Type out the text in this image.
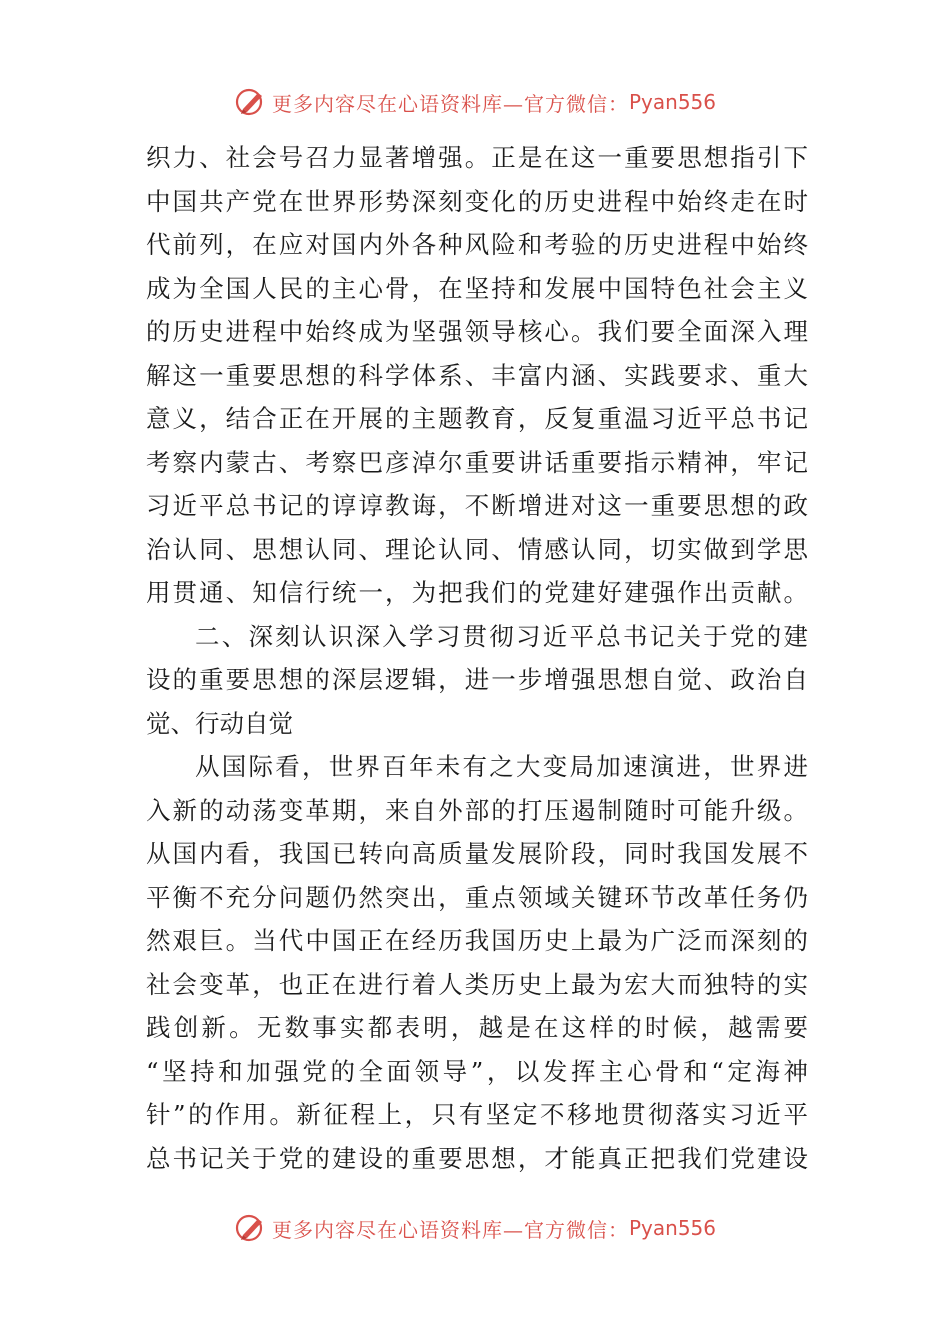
更多内容尽在心语资料库—官方微信： Pyan556
织力、社会号召力显著增强。正是在这一重要思想指引下
中国共产党在世界形势深刻变化的历史进程中始终走在时
代前列，在应对国内外各种风险和考验的历史进程中始终
成为全国人民的主心骨，在坚持和发展中国特色社会主义
的历史进程中始终成为坚强领导核心。我们要全面深入理
解这一重要思想的科学体系、丰富内涵、实践要求、重大
意义，结合正在开展的主题教育，反复重温习近平总书记
考察内蒙古、考察巴彦淖尔重要讲话重要指示精神，牢记
习近平总书记的谆谆教诲，不断增进对这一重要思想的政
治认同、思想认同、理论认同、情感认同，切实做到学思
用贯通、知信行统一，为把我们的党建好建强作出贡献。
二、深刻认识深入学习贯彻习近平总书记关于党的建
设的重要思想的深层逻辑，进一步增强思想自觉、政治自
觉、行动自觉
从国际看，世界百年未有之大变局加速演进，世界进
入新的动荡变革期，来自外部的打压遏制随时可能升级。
从国内看，我国已转向高质量发展阶段，同时我国发展不
平衡不充分问题仍然突出，重点领域关键环节改革任务仍
然艰巨。当代中国正在经历我国历史上最为广泛而深刻的
社会变革，也正在进行着人类历史上最为宏大而独特的实
践创新。无数事实都表明，越是在这样的时候，越需要
“坚持和加强党的全面领导”，以发挥主心骨和“定海神
针”的作用。新征程上，只有坚定不移地贯彻落实习近平
总书记关于党的建设的重要思想，才能真正把我们党建设
更多内容尽在心语资料库—官方微信： Pyan556
